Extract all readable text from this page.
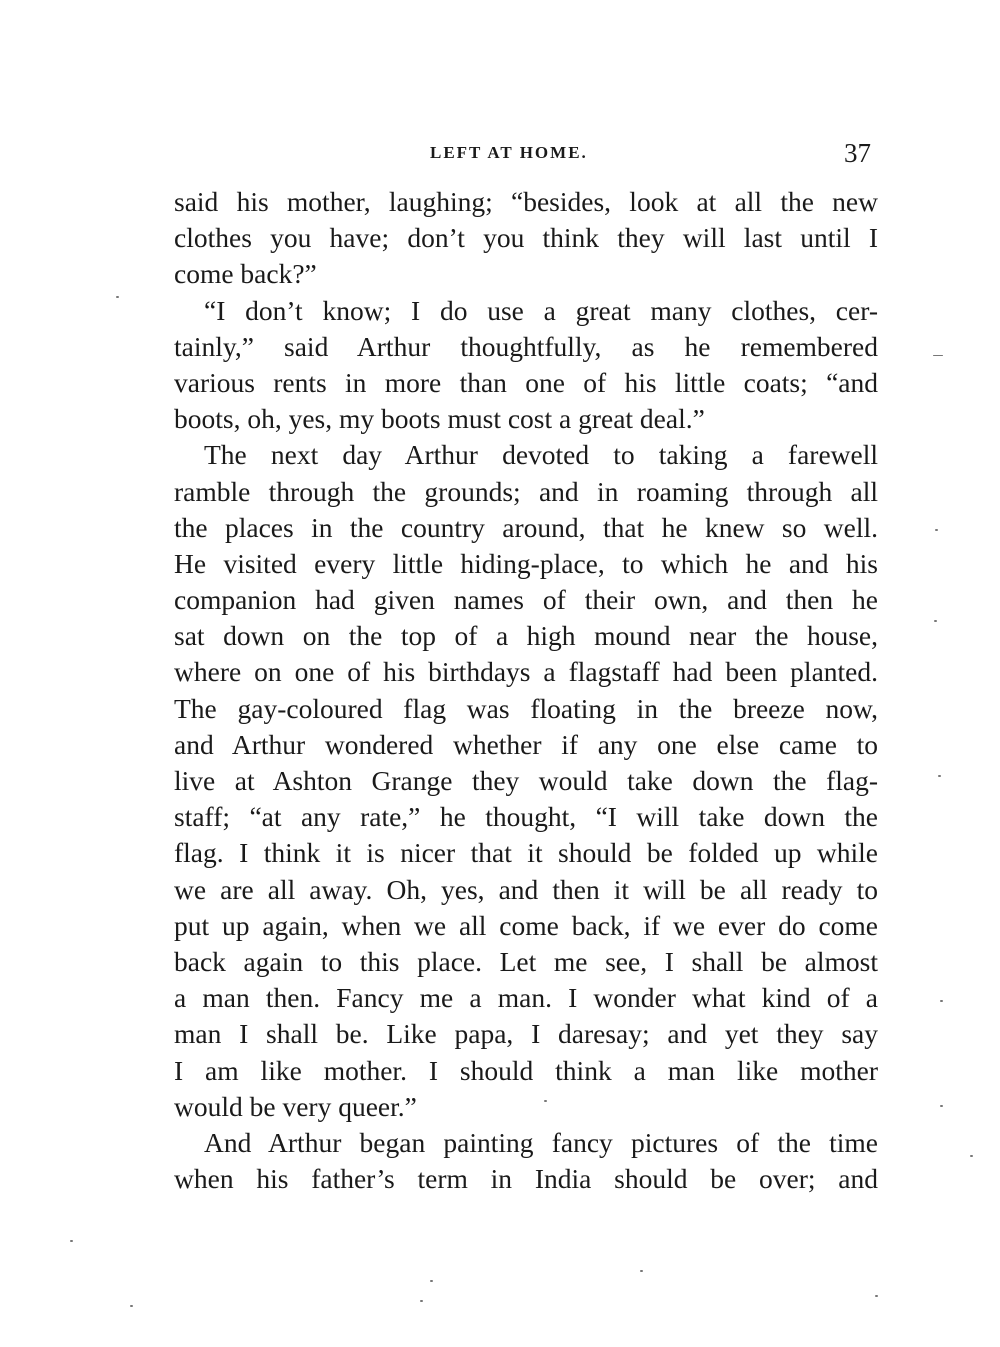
LEFT AT HOME.	37
said his mother, laughing; “besides, look at all the new
clothes you have; don’t you think they will last until I
come back?”
“I don’t know; I do use a great many clothes, cer-
tainly,” said Arthur thoughtfully, as he remembered
various rents in more than one of his little coats; “and
boots, oh, yes, my boots must cost a great deal.”
The next day Arthur devoted to taking a farewell
ramble through the grounds; and in roaming through all
the places in the country around, that he knew so well.
He visited every little hiding-place, to which he and his
companion had given names of their own, and then he
sat down on the top of a high mound near the house,
where on one of his birthdays a flagstaff had been planted.
The gay-coloured flag was floating in the breeze now,
and Arthur wondered whether if any one else came to
live at Ashton Grange they would take down the flag-
staff; “at any rate,” he thought, “I will take down the
flag. I think it is nicer that it should be folded up while
we are all away. Oh, yes, and then it will be all ready to
put up again, when we all come back, if we ever do come
back again to this place. Let me see, I shall be almost
a man then. Fancy me a man. I wonder what kind of a
man I shall be. Like papa, I daresay; and yet they say
I am like mother. I should think a man like mother
would be very queer.”
And Arthur began painting fancy pictures of the time
when his father’s term in India should be over; and
